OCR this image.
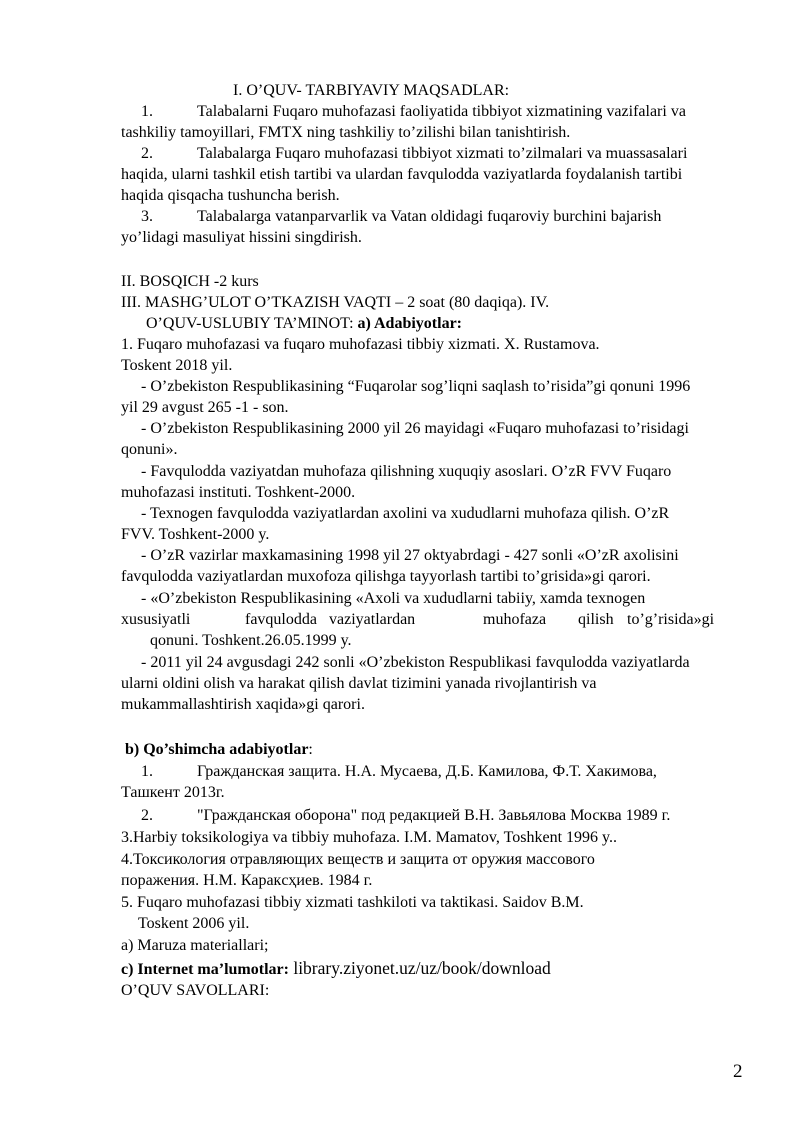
I. O’QUV- TARBIYAVIY MAQSADLAR:
1.	Talabalarni Fuqaro muhofazasi faoliyatida tibbiyot xizmatining vazifalari va
tashkiliy tamoyillari, FMTX ning tashkiliy to’zilishi bilan tanishtirish.
2.	Talabalarga Fuqaro muhofazasi tibbiyot xizmati to’zilmalari va muassasalari
haqida, ularni tashkil etish tartibi va ulardan favqulodda vaziyatlarda foydalanish tartibi
haqida qisqacha tushuncha berish.
3.	Talabalarga vatanparvarlik va Vatan oldidagi fuqaroviy burchini bajarish
yo’lidagi masuliyat hissini singdirish.
II. BOSQICH -2 kurs
III. MASHG’ULOT O’TKAZISH VAQTI – 2 soat (80 daqiqa). IV.
O’QUV-USLUBIY TA’MINOT: a) Adabiyotlar:
1. Fuqaro muhofazasi va fuqaro muhofazasi tibbiy xizmati. X. Rustamova.
Toskent 2018 yil.
- O’zbekiston Respublikasining “Fuqarolar sog’liqni saqlash to’risida”gi qonuni 1996
yil 29 avgust 265 -1 - son.
- O’zbekiston Respublikasining 2000 yil 26 mayidagi «Fuqaro muhofazasi to’risidagi
qonuni».
- Favqulodda vaziyatdan muhofaza qilishning xuquqiy asoslari. O’zR FVV Fuqaro
muhofazasi instituti. Toshkent-2000.
- Texnogen favqulodda vaziyatlardan axolini va xududlarni muhofaza qilish. O’zR
FVV. Toshkent-2000 y.
- O’zR vazirlar maxkamasining 1998 yil 27 oktyabrdagi - 427 sonli «O’zR axolisini
favqulodda vaziyatlardan muxofoza qilishga tayyorlash tartibi to’grisida»gi qarori.
- «O’zbekiston Respublikasining «Axoli va xududlarni tabiiy, xamda texnogen
xususiyatli	favqulodda vaziyatlardan	muhofaza qilish to’g’risida»gi
qonuni. Toshkent.26.05.1999 y.
- 2011 yil 24 avgusdagi 242 sonli «O’zbekiston Respublikasi favqulodda vaziyatlarda
ularni oldini olish va harakat qilish davlat tizimini yanada rivojlantirish va
mukammallashtirish xaqida»gi qarori.
b) Qo’shimcha adabiyotlar:
1.	Гражданская защита. Н.А. Мусаева, Д.Б. Камилова, Ф.Т. Хакимова,
Ташкент 2013г.
2.	"Гражданская оборона" под редакцией В.Н. Завьялова Москва 1989 г.
3.Harbiy toksikologiya va tibbiy muhofaza. I.M. Mamatov, Toshkent 1996 y..
4.Токсикология отравляющих веществ и защита от оружия массового
поражения. Н.М. Каракcҳиев. 1984 г.
5. Fuqaro muhofazasi tibbiy xizmati tashkiloti va taktikasi. Saidov B.M.
Toskent 2006 yil.
a) Maruza materiallari;
c) Internet ma’lumotlar: library.ziyonet.uz/uz/book/download
O’QUV SAVOLLARI:
2
